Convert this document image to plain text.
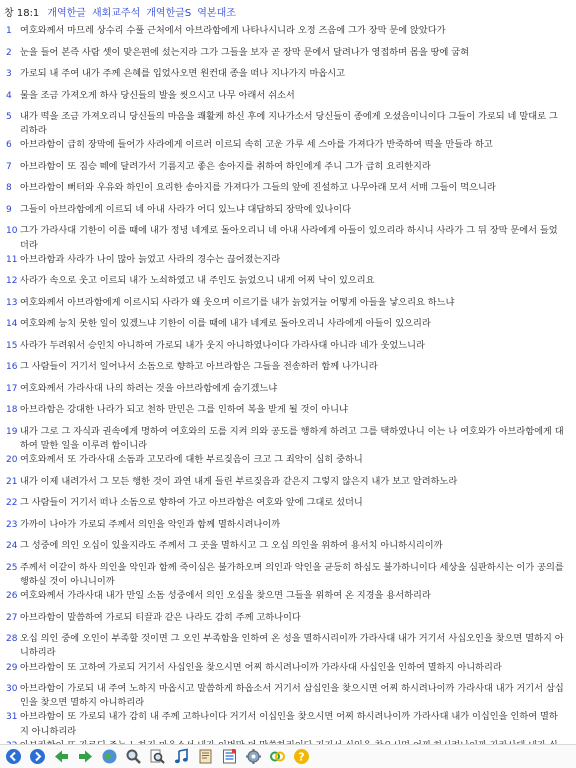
창 18:1 개역한글 새회교주석 개역한글S 역본대조
1 여호와께서 마므레 상수리 수풀 근처에서 아브라함에게 나타나시니라 오정 즈음에 그가 장막 문에 앉았다가
2 눈을 들어 본즉 사람 셋이 맞은편에 섰는지라 그가 그들을 보자 곧 장막 문에서 달려나가 영접하며 몸을 땅에 굽혀
3 가로되 내 주여 내가 주께 은혜를 입었사오면 원컨대 종을 떠나 지나가지 마옵시고
4 물을 조금 가져오게 하사 당신들의 발을 씻으시고 나무 아래서 쉬소서
5 내가 떡을 조금 가져오리니 당신들의 마음을 쾌활케 하신 후에 지나가소서 당신들이 종에게 오셨음이니이다 그들이 가로되 네 말대로 그리하라
6 아브라함이 급히 장막에 들어가 사라에게 이르러 이르되 속히 고운 가루 세 스아를 가져다가 반죽하여 떡을 만들라 하고
7 아브라함이 또 짐승 떼에 달려가서 기름지고 좋은 송아지를 취하여 하인에게 주니 그가 급히 요리한지라
8 아브라함이 뻐터와 우유와 하인이 요리한 송아지를 가져다가 그들의 앞에 진설하고 나무아래 모셔 서매 그들이 먹으니라
9 그들이 아브라함에게 이르되 네 아내 사라가 어디 있느냐 대답하되 장막에 있나이다
10 그가 가라사대 기한이 이를 때에 내가 정녕 네게로 돌아오리니 네 아내 사라에게 아들이 있으리라 하시니 사라가 그 뒤 장막 문에서 들었더라
11 아브라함과 사라가 나이 많아 늙었고 사라의 경수는 끊어졌는지라
12 사라가 속으로 웃고 이르되 내가 노쇠하였고 내 주인도 늙었으니 내게 어찌 낙이 있으리요
13 여호와께서 아브라함에게 이르시되 사라가 왜 웃으며 이르기를 내가 늙었거늘 어떻게 아들을 낳으리요 하느냐
14 여호와께 능치 못한 일이 있겠느냐 기한이 이를 때에 내가 네게로 돌아오리니 사라에게 아들이 있으리라
15 사라가 두려워서 승인치 아니하여 가로되 내가 웃지 아니하였나이다 가라사대 아니라 네가 웃었느니라
16 그 사람들이 거기서 일어나서 소돔으로 향하고 아브라함은 그들을 전송하러 함께 나가니라
17 여호와께서 가라사대 나의 하려는 것을 아브라함에게 숨기겠느냐
18 아브라함은 강대한 나라가 되고 천하 만민은 그를 인하여 복을 받게 될 것이 아니냐
19 내가 그로 그 자식과 권속에게 명하여 여호와의 도를 지켜 의와 공도를 행하게 하려고 그를 택하였나니 이는 나 여호와가 아브라함에게 대하여 말한 일을 이루려 함이니라
20 여호와께서 또 가라사대 소돔과 고모라에 대한 부르짖음이 크고 그 죄악이 심히 중하니
21 내가 이제 내려가서 그 모든 행한 것이 과연 내게 들린 부르짖음과 같은지 그렇지 않은지 내가 보고 알려하노라
22 그 사람들이 거기서 떠나 소돔으로 향하여 가고 아브라함은 여호와 앞에 그대로 섰더니
23 가까이 나아가 가로되 주께서 의인을 악인과 함께 멸하시려나이까
24 그 성중에 의인 오십이 있을지라도 주께서 그 곳을 멸하시고 그 오십 의인을 위하여 용서치 아니하시리이까
25 주께서 이같이 하사 의인을 악인과 함께 죽이심은 불가하오며 의인과 악인을 균등히 하심도 불가하니이다 세상을 심판하시는 이가 공의를 행하실 것이 아니니이까
26 여호와께서 가라사대 내가 만일 소돔 성중에서 의인 오십을 찾으면 그들을 위하여 온 지경을 용서하리라
27 아브라함이 말씀하여 가로되 티끌과 같은 나라도 감히 주께 고하나이다
28 오십 의인 중에 오인이 부족할 것이면 그 오인 부족함을 인하여 온 성을 멸하시리이까 가라사대 내가 거기서 사십오인을 찾으면 멸하지 아니하리라
29 아브라함이 또 고하여 가로되 거기서 사십인을 찾으시면 어찌 하시려나이까 가라사대 사십인을 인하여 멸하지 아니하리라
30 아브라함이 가로되 내 주여 노하지 마옵시고 말씀하게 하옵소서 거기서 삼십인을 찾으시면 어찌 하시려나이까 가라사대 내가 거기서 삼십인을 찾으면 멸하지 아니하리라
31 아브라함이 또 가로되 내가 감히 내 주께 고하나이다 거기서 이십인을 찾으시면 어찌 하시려나이까 가라사대 내가 이십인을 인하여 멸하지 아니하리라
?
